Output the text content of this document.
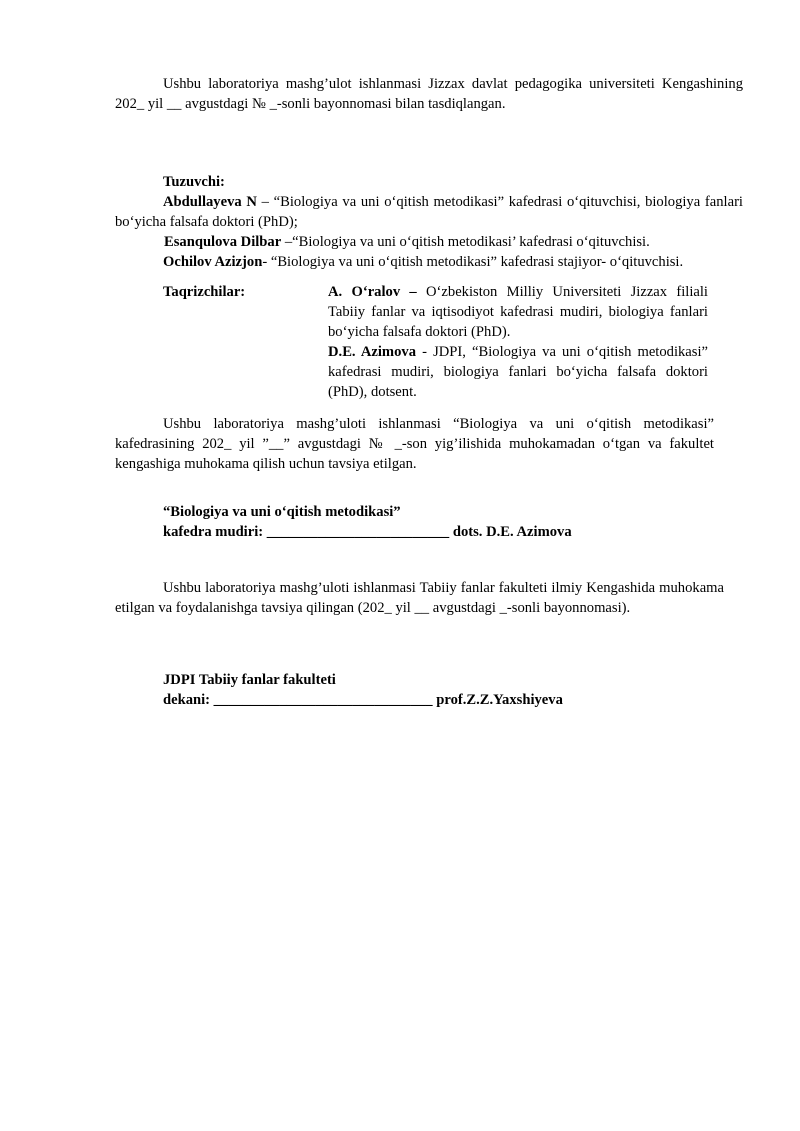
Ushbu laboratoriya mashg’ulot ishlanmasi Jizzax davlat pedagogika universiteti Kengashining 202_ yil __ avgustdagi № _-sonli bayonnomasi bilan tasdiqlangan.

Tuzuvchi:

Abdullayeva N – “Biologiya va uni o‘qitish metodikasi” kafedrasi o‘qituvchisi, biologiya fanlari bo‘yicha falsafa doktori (PhD);

Esanqulova Dilbar –“Biologiya va uni o‘qitish metodikasi’ kafedrasi o‘qituvchisi.

Ochilov Azizjon- “Biologiya va uni o‘qitish metodikasi” kafedrasi stajiyor- o‘qituvchisi.

Taqrizchilar:	A. O‘ralov – O‘zbekiston Milliy Universiteti Jizzax filiali Tabiiy fanlar va iqtisodiyot kafedrasi mudiri, biologiya fanlari bo‘yicha falsafa doktori (PhD).

D.E. Azimova - JDPI, “Biologiya va uni o‘qitish metodikasi” kafedrasi mudiri, biologiya fanlari bo‘yicha falsafa doktori (PhD), dotsent.

Ushbu laboratoriya mashg’uloti ishlanmasi “Biologiya va uni o‘qitish metodikasi” kafedrasining 202_ yil ”__” avgustdagi № _-son yig’ilishida muhokamadan o‘tgan va fakultet kengashiga muhokama qilish uchun tavsiya etilgan.

“Biologiya va uni o‘qitish metodikasi”

kafedra mudiri: _________________________ dots. D.E. Azimova

Ushbu laboratoriya mashg’uloti ishlanmasi Tabiiy fanlar fakulteti ilmiy Kengashida muhokama etilgan va foydalanishga tavsiya qilingan (202_ yil __ avgustdagi _-sonli bayonnomasi).

JDPI Tabiiy fanlar fakulteti

dekani: ______________________________ prof.Z.Z.Yaxshiyeva
